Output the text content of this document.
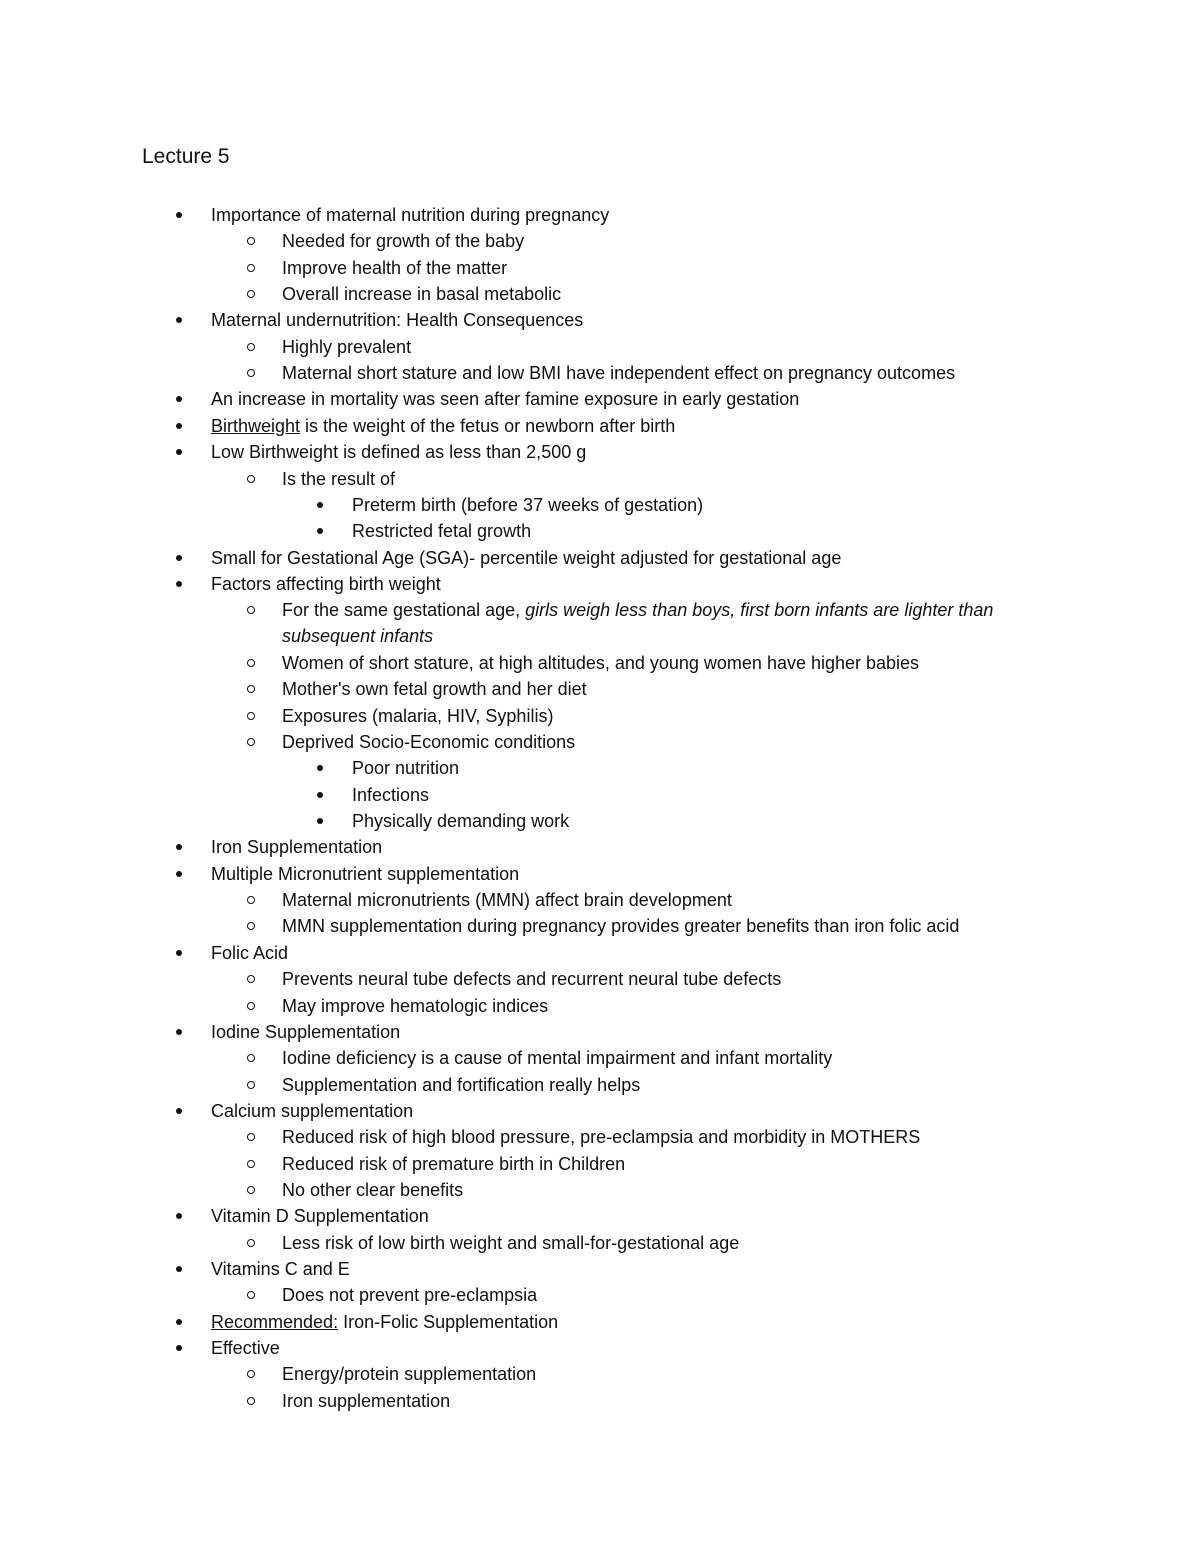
Lecture 5
Importance of maternal nutrition during pregnancy
Needed for growth of the baby
Improve health of the matter
Overall increase in basal metabolic
Maternal undernutrition: Health Consequences
Highly prevalent
Maternal short stature and low BMI have independent effect on pregnancy outcomes
An increase in mortality was seen after famine exposure in early gestation
Birthweight is the weight of the fetus or newborn after birth
Low Birthweight is defined as less than 2,500 g
Is the result of
Preterm birth (before 37 weeks of gestation)
Restricted fetal growth
Small for Gestational Age (SGA)- percentile weight adjusted for gestational age
Factors affecting birth weight
For the same gestational age, girls weigh less than boys, first born infants are lighter than subsequent infants
Women of short stature, at high altitudes, and young women have higher babies
Mother's own fetal growth and her diet
Exposures (malaria, HIV, Syphilis)
Deprived Socio-Economic conditions
Poor nutrition
Infections
Physically demanding work
Iron Supplementation
Multiple Micronutrient supplementation
Maternal micronutrients (MMN) affect brain development
MMN supplementation during pregnancy provides greater benefits than iron folic acid
Folic Acid
Prevents neural tube defects and recurrent neural tube defects
May improve hematologic indices
Iodine Supplementation
Iodine deficiency is a cause of mental impairment and infant mortality
Supplementation and fortification really helps
Calcium supplementation
Reduced risk of high blood pressure, pre-eclampsia and morbidity in MOTHERS
Reduced risk of premature birth in Children
No other clear benefits
Vitamin D Supplementation
Less risk of low birth weight and small-for-gestational age
Vitamins C and E
Does not prevent pre-eclampsia
Recommended: Iron-Folic Supplementation
Effective
Energy/protein supplementation
Iron supplementation
